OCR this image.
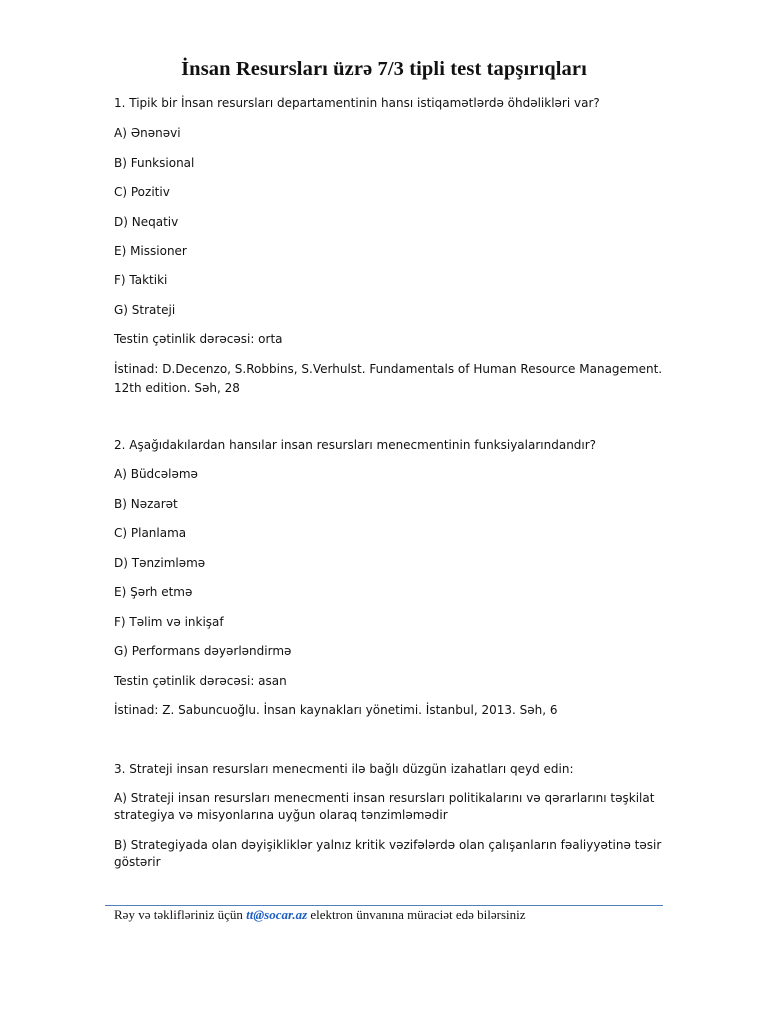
İnsan Resursları üzrə 7/3 tipli test tapşırıqları

1. Tipik bir İnsan resursları departamentinin hansı istiqamətlərdə öhdəlikləri var?

A) Ənənəvi

B) Funksional

C) Pozitiv

D) Neqativ

E) Missioner

F) Taktiki

G) Strateji

Testin çətinlik dərəcəsi: orta

İstinad: D.Decenzo, S.Robbins, S.Verhulst. Fundamentals of Human Resource Management.

12th edition. Səh, 28

2. Aşağıdakılardan hansılar insan resursları menecmentinin funksiyalarındandır?

A) Büdcələmə

B) Nəzarət

C) Planlama

D) Tənzimləmə

E) Şərh etmə

F) Təlim və inkişaf

G) Performans dəyərləndirmə

Testin çətinlik dərəcəsi: asan

İstinad: Z. Sabuncuoğlu. İnsan kaynakları yönetimi. İstanbul, 2013. Səh, 6

3. Strateji insan resursları menecmenti ilə bağlı düzgün izahatları qeyd edin:

A) Strateji insan resursları menecmenti insan resursları politikalarını və qərarlarını təşkilat

strategiya və misyonlarına uyğun olaraq tənzimləmədir

B) Strategiyada olan dəyişikliklər yalnız kritik vəzifələrdə olan çalışanların fəaliyyətinə təsir

göstərir

Rəy və təklifləriniz üçün tt@socar.az elektron ünvanına müraciət edə bilərsiniz
